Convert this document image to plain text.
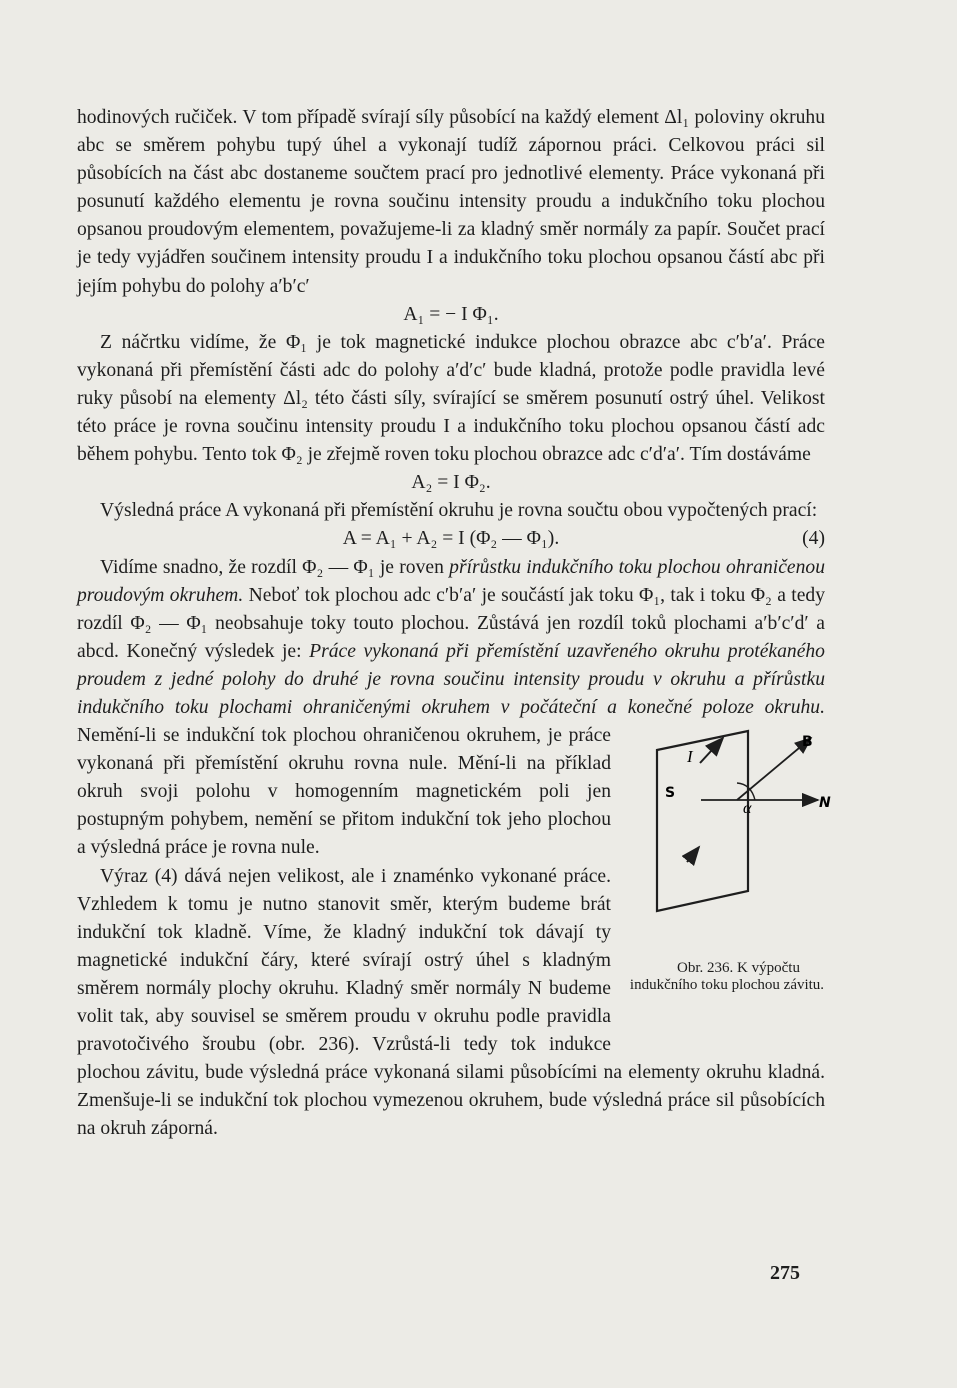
hodinových ručiček. V tom případě svírají síly působící na každý element Δl₁ poloviny okruhu abc se směrem pohybu tupý úhel a vykonají tudíž zápornou práci. Celkovou práci sil působících na část abc dostaneme součtem prací pro jednotlivé elementy. Práce vykonaná při posunutí každého elementu je rovna součinu intensity proudu a indukčního toku plochou opsanou proudovým elementem, považujeme-li za kladný směr normály za papír. Součet prací je tedy vyjádřen součinem intensity proudu I a indukčního toku plochou opsanou částí abc při jejím pohybu do polohy a′b′c′

A₁ = − I Φ₁.

Z náčrtku vidíme, že Φ₁ je tok magnetické indukce plochou obrazce abc c′b′a′. Práce vykonaná při přemístění části adc do polohy a′d′c′ bude kladná, protože podle pravidla levé ruky působí na elementy Δl₂ této části síly, svírající se směrem posunutí ostrý úhel. Velikost této práce je rovna součinu intensity proudu I a indukčního toku plochou opsanou částí adc během pohybu. Tento tok Φ₂ je zřejmě roven toku plochou obrazce adc c′d′a′. Tím dostáváme

A₂ = I Φ₂.

Výsledná práce A vykonaná při přemístění okruhu je rovna součtu obou vypočtených prací:

A = A₁ + A₂ = I (Φ₂ — Φ₁).	(4)

Vidíme snadno, že rozdíl Φ₂ — Φ₁ je roven přírůstku indukčního toku plochou ohraničenou proudovým okruhem. Neboť tok plochou adc c′b′a′ je součástí jak toku Φ₁, tak i toku Φ₂ a tedy rozdíl Φ₂ — Φ₁ neobsahuje toky touto plochou. Zůstává jen rozdíl toků plochami a′b′c′d′ a abcd. Konečný výsledek je: Práce vykonaná při přemístění uzavřeného okruhu protékaného proudem z jedné polohy do druhé je rovna součinu intensity proudu v okruhu a přírůstku indukčního toku plochami ohraničenými okruhem v počáteční a konečné poloze okruhu.
B
I
S
α	N
Obr. 236. K výpočtu indukčního toku plochou závitu.
Nemění-li se indukční tok plochou ohraničenou okruhem, je práce vykonaná při přemístění okruhu rovna nule. Mění-li na příklad okruh svoji polohu v homogenním magnetickém poli jen postupným pohybem, nemění se přitom indukční tok jeho plochou a výsledná práce je rovna nule.

Výraz (4) dává nejen velikost, ale i znaménko vykonané práce. Vzhledem k tomu je nutno stanovit směr, kterým budeme brát indukční tok kladně. Víme, že kladný indukční tok dávají ty magnetické indukční čáry, které svírají ostrý úhel s kladným směrem normály plochy okruhu. Kladný směr normály N budeme volit tak, aby souvisel se směrem proudu v okruhu podle pravidla pravotočivého šroubu (obr. 236). Vzrůstá-li tedy tok indukce plochou závitu, bude výsledná práce vykonaná silami působícími na elementy okruhu kladná. Zmenšuje-li se indukční tok plochou vymezenou okruhem, bude výsledná práce sil působících na okruh záporná.

275
